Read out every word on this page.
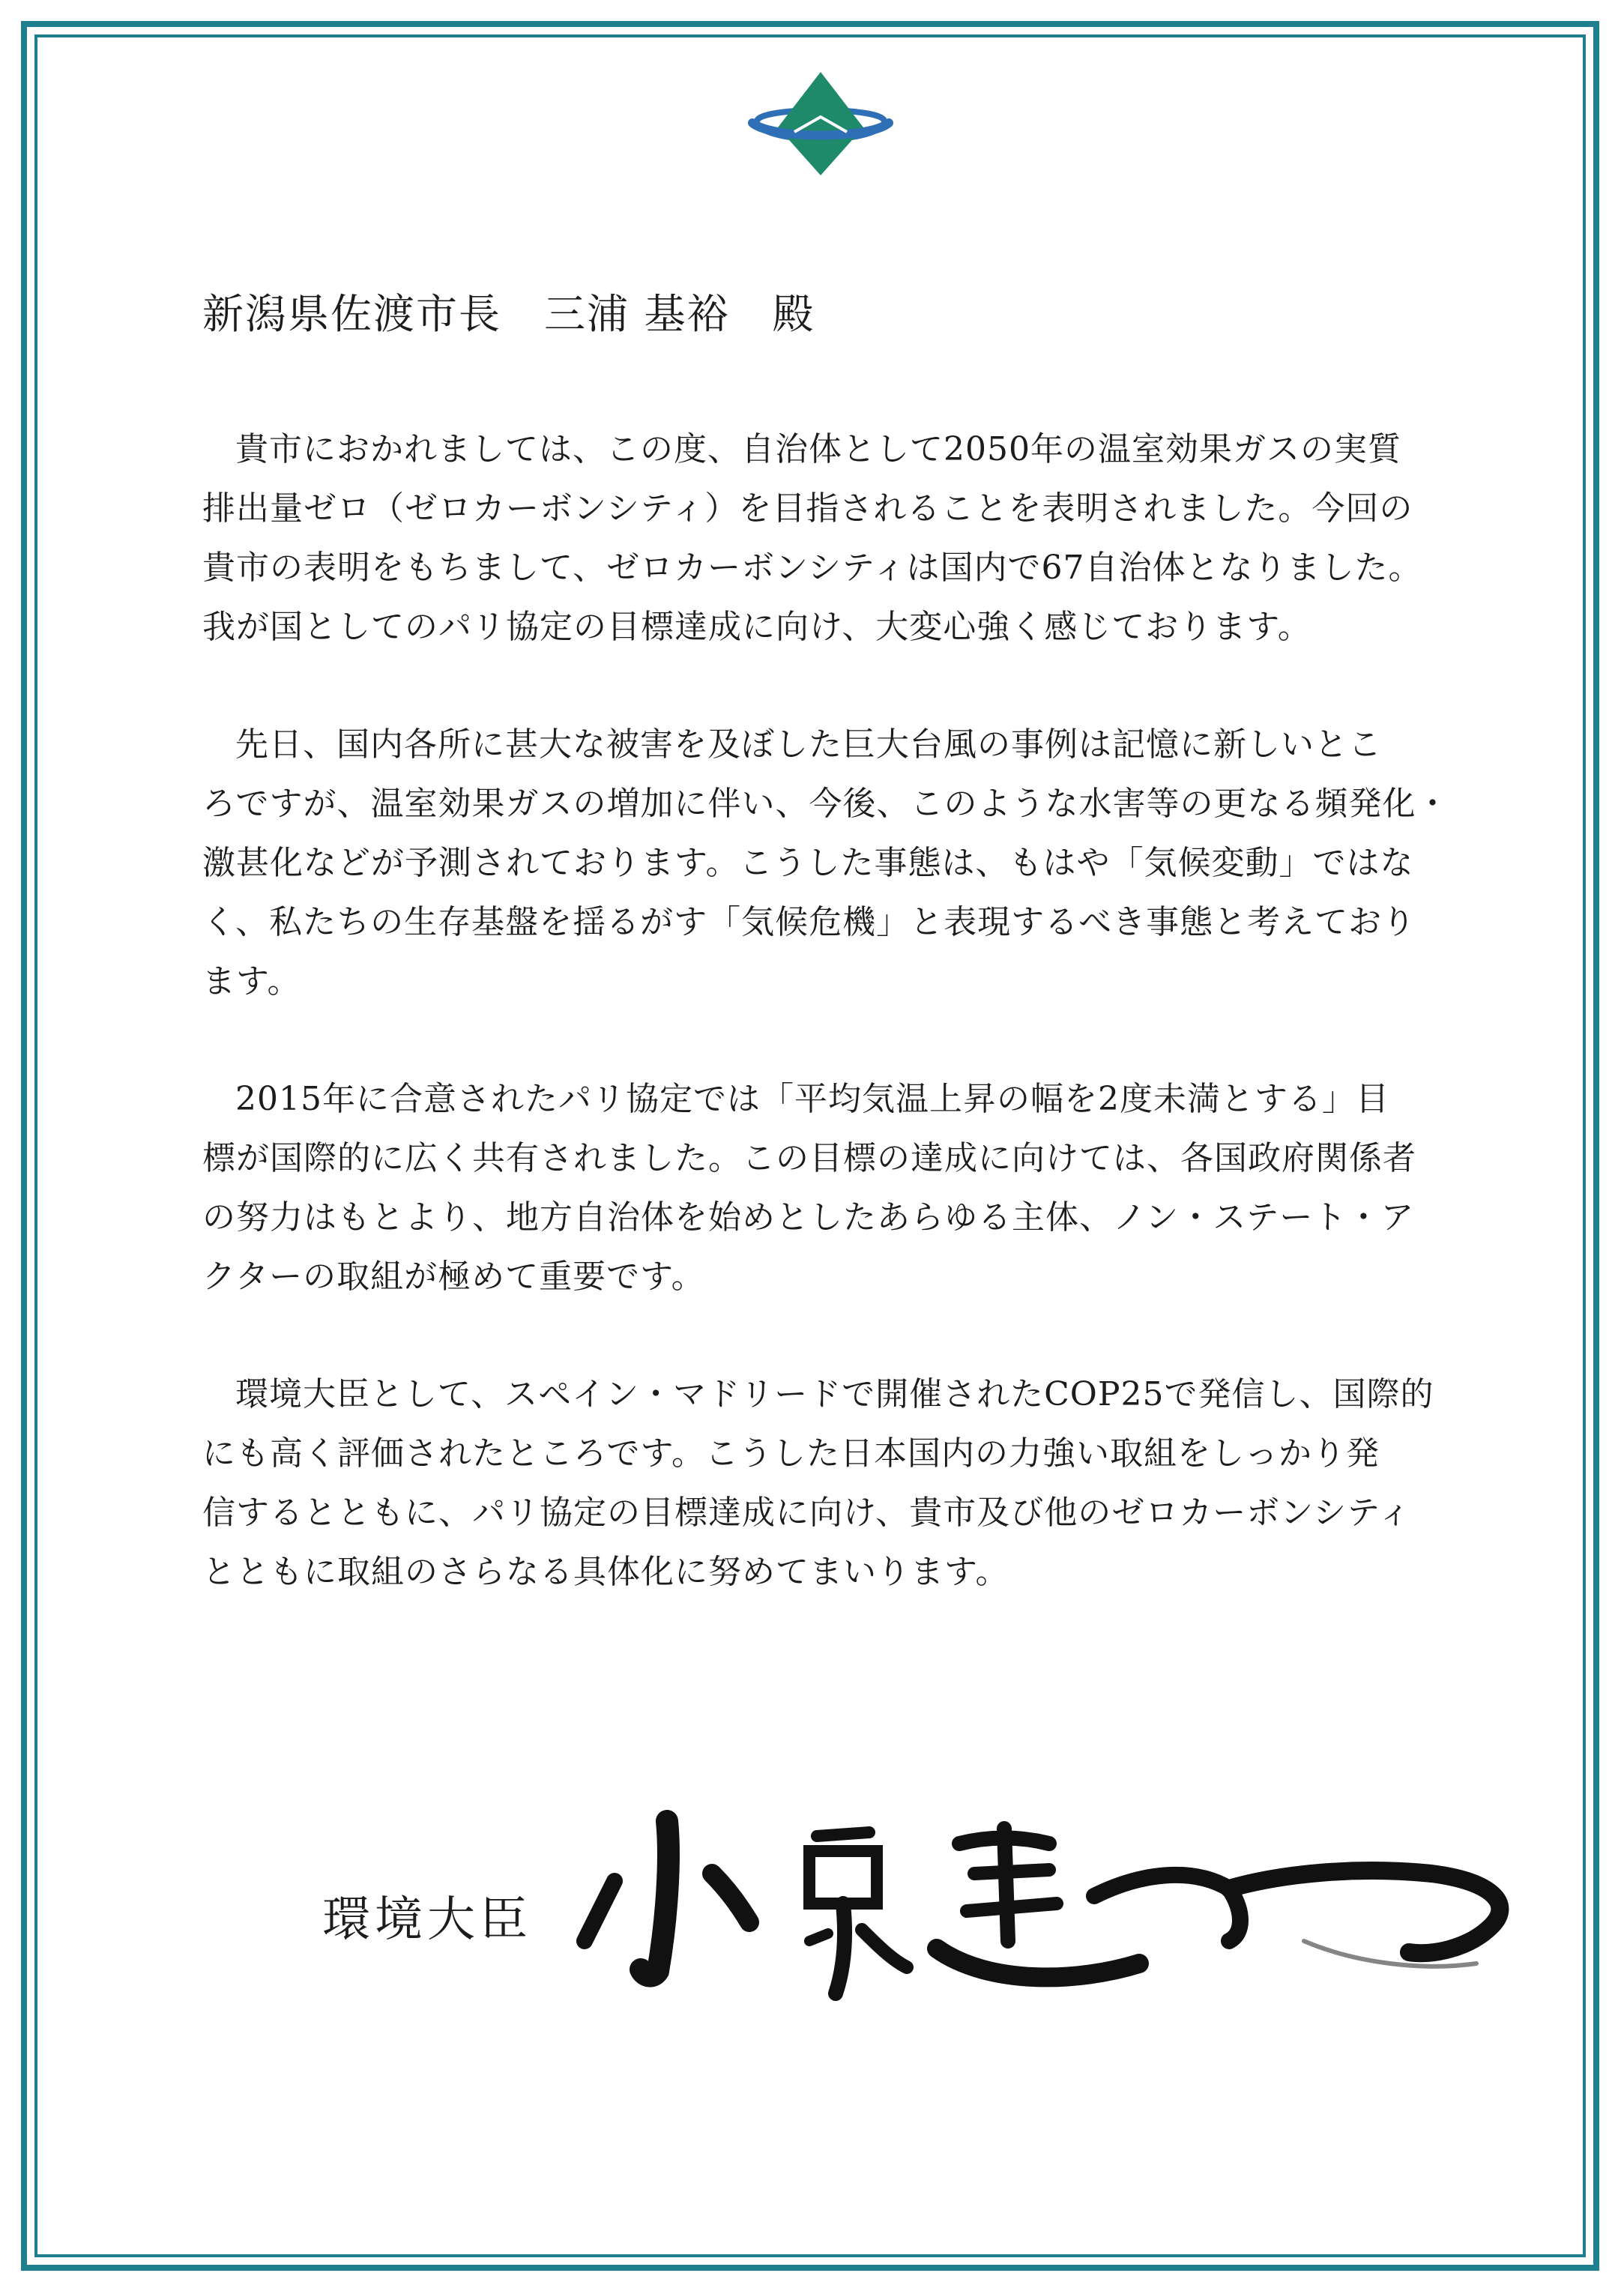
新潟県佐渡市長　三浦 基裕　殿

貴市におかれましては、この度、自治体として2050年の温室効果ガスの実質
排出量ゼロ（ゼロカーボンシティ）を目指されることを表明されました。今回の
貴市の表明をもちまして、ゼロカーボンシティは国内で67自治体となりました。
我が国としてのパリ協定の目標達成に向け、大変心強く感じております。

先日、国内各所に甚大な被害を及ぼした巨大台風の事例は記憶に新しいとこ
ろですが、温室効果ガスの増加に伴い、今後、このような水害等の更なる頻発化・
激甚化などが予測されております。こうした事態は、もはや「気候変動」ではな
く、私たちの生存基盤を揺るがす「気候危機」と表現するべき事態と考えており
ます。

2015年に合意されたパリ協定では「平均気温上昇の幅を2度未満とする」目
標が国際的に広く共有されました。この目標の達成に向けては、各国政府関係者
の努力はもとより、地方自治体を始めとしたあらゆる主体、ノン・ステート・ア
クターの取組が極めて重要です。

環境大臣として、スペイン・マドリードで開催されたCOP25で発信し、国際的
にも高く評価されたところです。こうした日本国内の力強い取組をしっかり発
信するとともに、パリ協定の目標達成に向け、貴市及び他のゼロカーボンシティ
とともに取組のさらなる具体化に努めてまいります。

環境大臣
